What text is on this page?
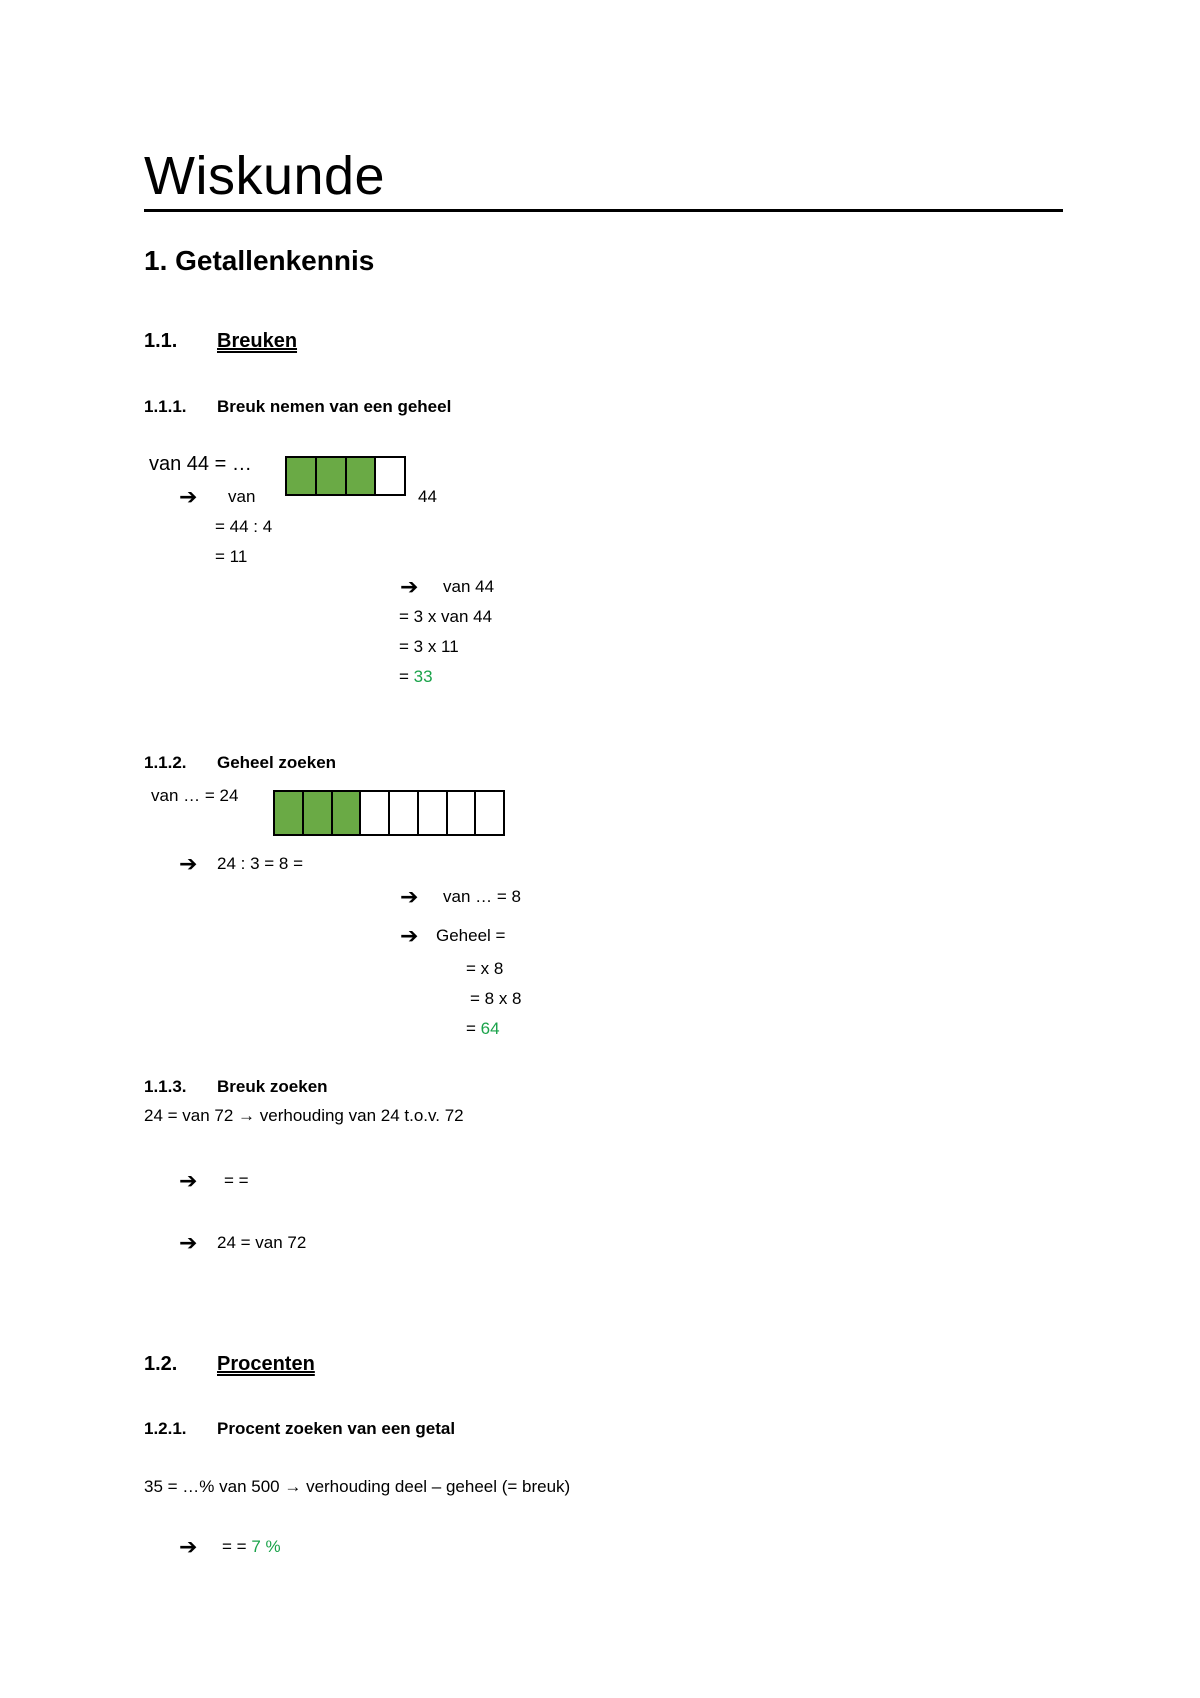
Wiskunde
1. Getallenkennis
1.1. Breuken
1.1.1. Breuk nemen van een geheel
van 44 = …
➔ van	44
= 44 : 4
= 11
➔ van 44
= 3 x van 44
= 3 x 11
= 33
1.1.2. Geheel zoeken
van … = 24
➔ 24 : 3 = 8 =
➔ van … = 8
➔ Geheel =
= x 8
= 8 x 8
= 64
1.1.3. Breuk zoeken
24 = van 72 → verhouding van 24 t.o.v. 72
➔ = =
➔ 24 = van 72
1.2. Procenten
1.2.1. Procent zoeken van een getal
35 = …% van 500 → verhouding deel – geheel (= breuk)
➔ = = 7 %
